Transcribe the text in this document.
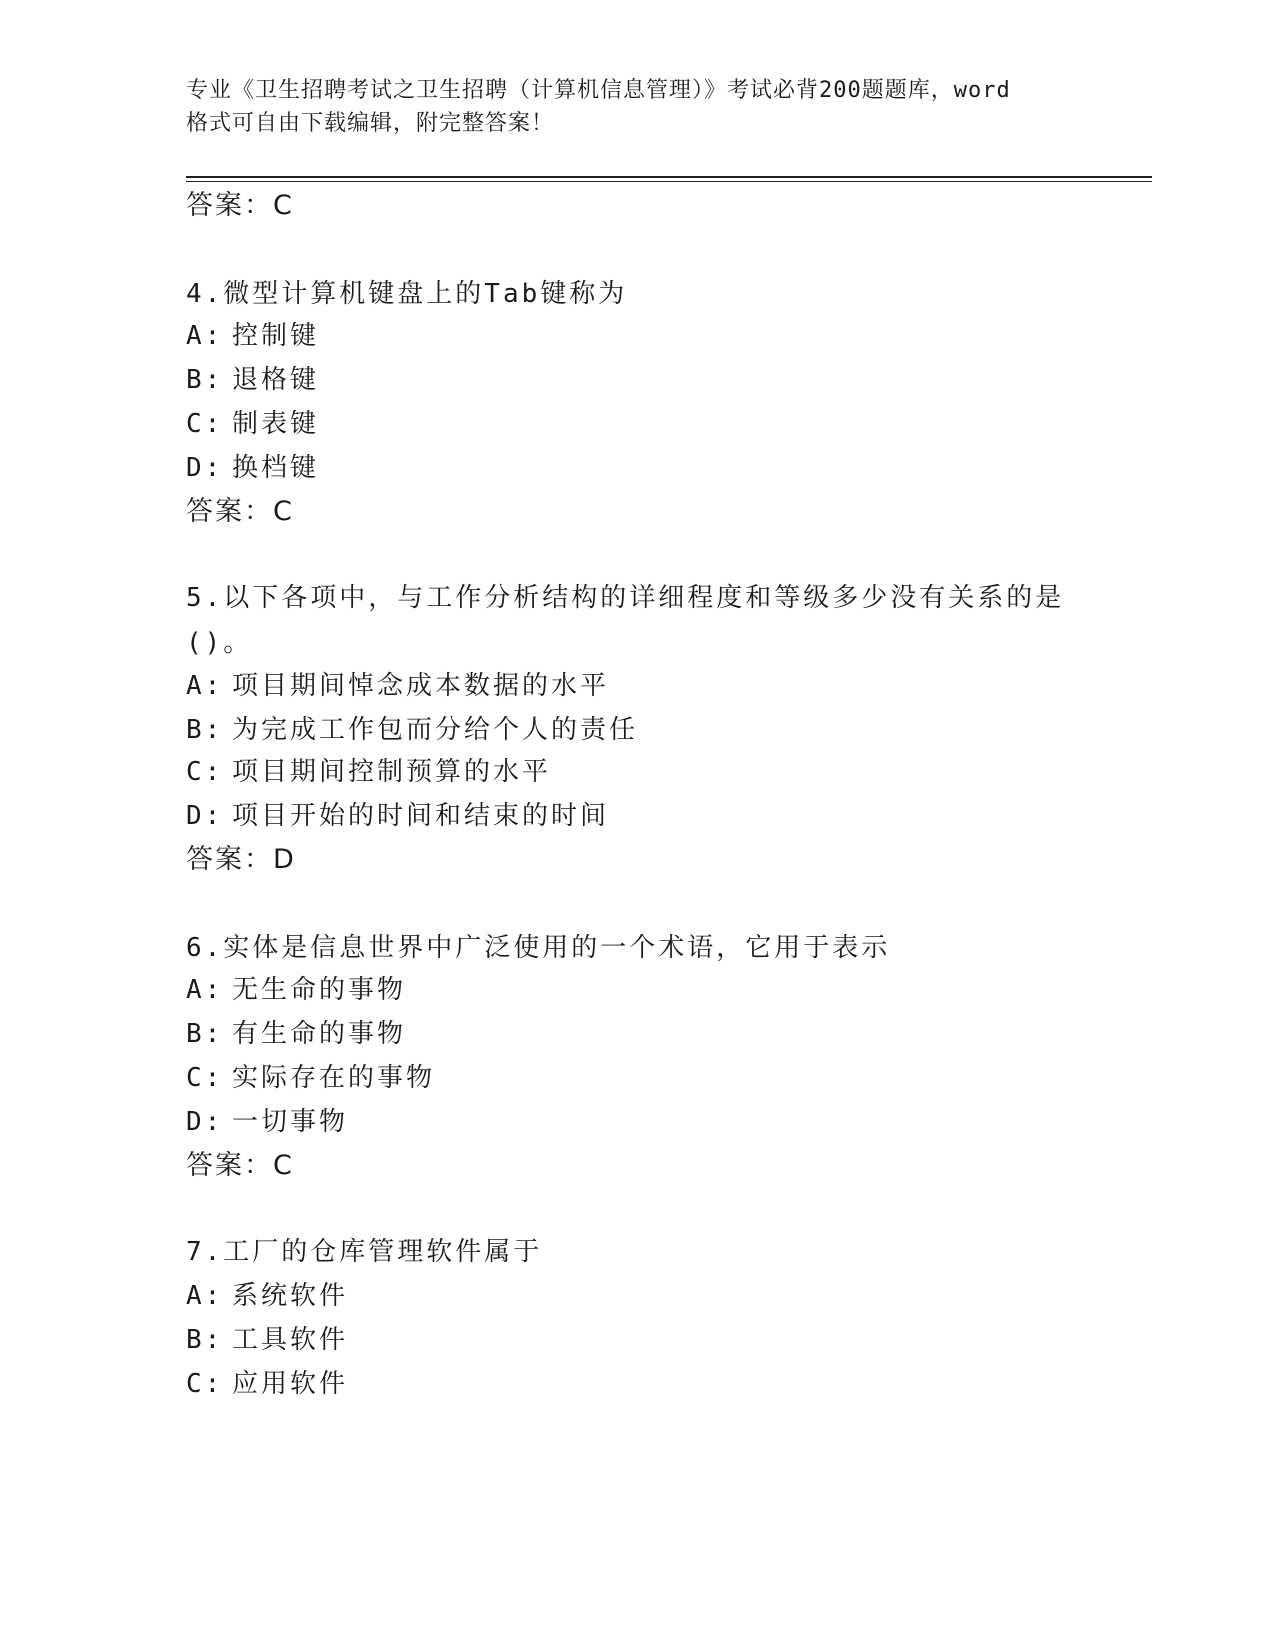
专业《卫生招聘考试之卫生招聘（计算机信息管理）》考试必背200题题库，word
格式可自由下载编辑，附完整答案！
答案：C
4.微型计算机键盘上的Tab键称为
A: 控制键
B: 退格键
C: 制表键
D: 换档键
答案：C
5.以下各项中，与工作分析结构的详细程度和等级多少没有关系的是
()。
A: 项目期间悼念成本数据的水平
B: 为完成工作包而分给个人的责任
C: 项目期间控制预算的水平
D: 项目开始的时间和结束的时间
答案：D
6.实体是信息世界中广泛使用的一个术语，它用于表示
A: 无生命的事物
B: 有生命的事物
C: 实际存在的事物
D: 一切事物
答案：C
7.工厂的仓库管理软件属于
A: 系统软件
B: 工具软件
C: 应用软件
